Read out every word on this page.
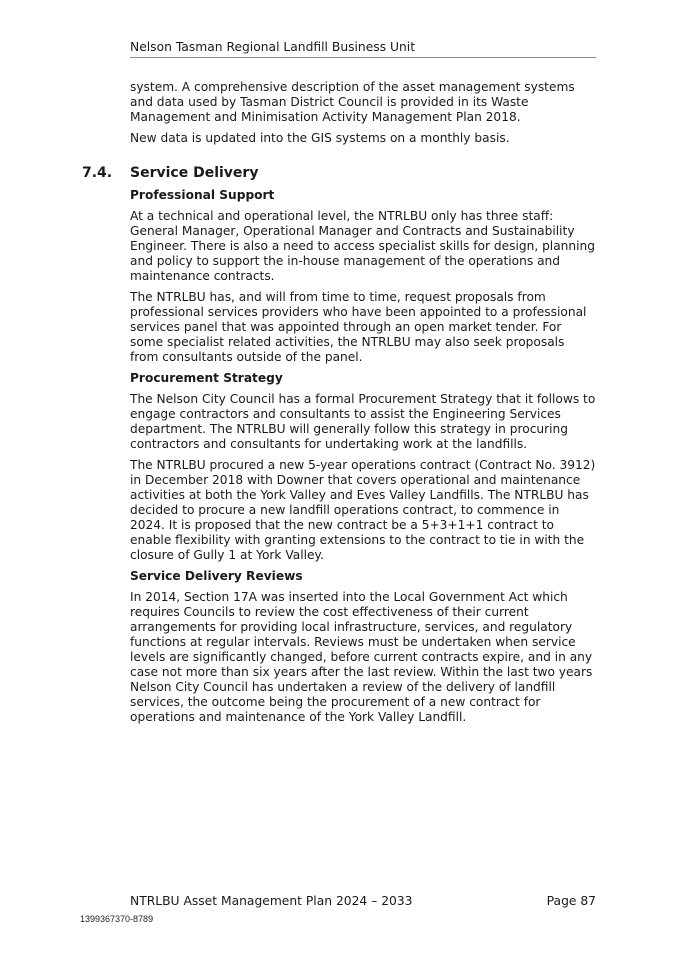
Nelson Tasman Regional Landfill Business Unit

system. A comprehensive description of the asset management systems and data used by Tasman District Council is provided in its Waste Management and Minimisation Activity Management Plan 2018.

New data is updated into the GIS systems on a monthly basis.

7.4. Service Delivery
Professional Support

At a technical and operational level, the NTRLBU only has three staff: General Manager, Operational Manager and Contracts and Sustainability Engineer. There is also a need to access specialist skills for design, planning and policy to support the in-house management of the operations and maintenance contracts.

The NTRLBU has, and will from time to time, request proposals from professional services providers who have been appointed to a professional services panel that was appointed through an open market tender. For some specialist related activities, the NTRLBU may also seek proposals from consultants outside of the panel.

Procurement Strategy

The Nelson City Council has a formal Procurement Strategy that it follows to engage contractors and consultants to assist the Engineering Services department. The NTRLBU will generally follow this strategy in procuring contractors and consultants for undertaking work at the landfills.

The NTRLBU procured a new 5-year operations contract (Contract No. 3912) in December 2018 with Downer that covers operational and maintenance activities at both the York Valley and Eves Valley Landfills. The NTRLBU has decided to procure a new landfill operations contract, to commence in 2024. It is proposed that the new contract be a 5+3+1+1 contract to enable flexibility with granting extensions to the contract to tie in with the closure of Gully 1 at York Valley.

Service Delivery Reviews

In 2014, Section 17A was inserted into the Local Government Act which requires Councils to review the cost effectiveness of their current arrangements for providing local infrastructure, services, and regulatory functions at regular intervals. Reviews must be undertaken when service levels are significantly changed, before current contracts expire, and in any case not more than six years after the last review. Within the last two years Nelson City Council has undertaken a review of the delivery of landfill services, the outcome being the procurement of a new contract for operations and maintenance of the York Valley Landfill.

NTRLBU Asset Management Plan 2024 – 2033	Page 87
1399367370-8789
